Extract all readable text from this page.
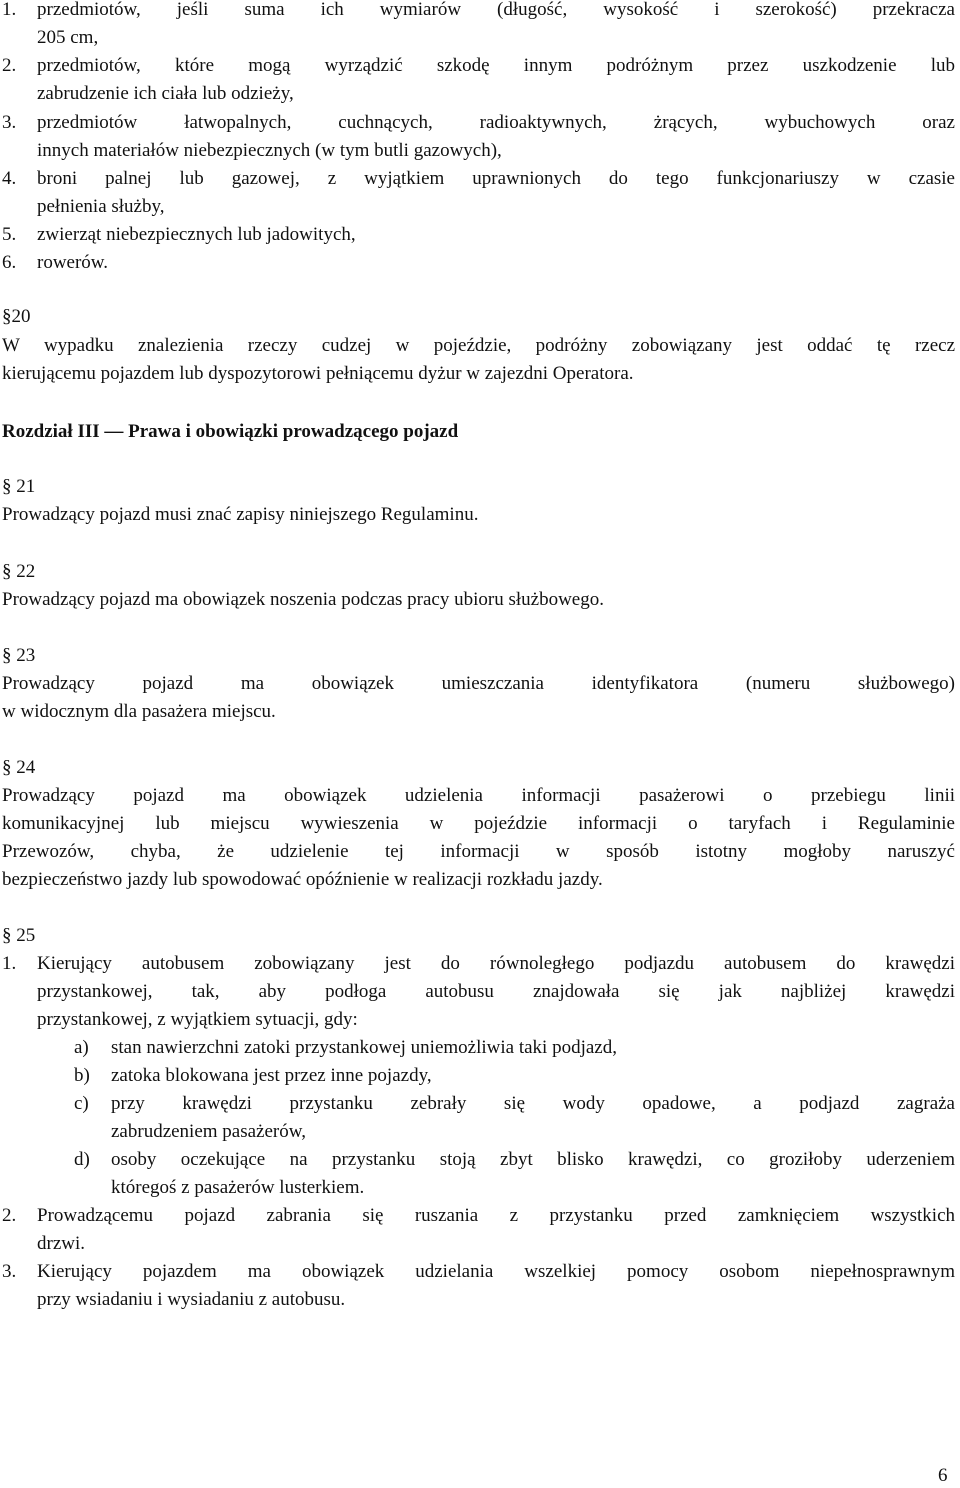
1. przedmiotów, jeśli suma ich wymiarów (długość, wysokość i szerokość) przekracza
205 cm,
2. przedmiotów, które mogą wyrządzić szkodę innym podróżnym przez uszkodzenie lub
zabrudzenie ich ciała lub odzieży,
3. przedmiotów łatwopalnych, cuchnących, radioaktywnych, żrących, wybuchowych oraz
innych materiałów niebezpiecznych (w tym butli gazowych),
4. broni palnej lub gazowej, z wyjątkiem uprawnionych do tego funkcjonariuszy w czasie
pełnienia służby,
5. zwierząt niebezpiecznych lub jadowitych,
6. rowerów.
§20
W wypadku znalezienia rzeczy cudzej w pojeździe, podróżny zobowiązany jest oddać tę rzecz
kierującemu pojazdem lub dyspozytorowi pełniącemu dyżur w zajezdni Operatora.
Rozdział III — Prawa i obowiązki prowadzącego pojazd
§ 21
Prowadzący pojazd musi znać zapisy niniejszego Regulaminu.
§ 22
Prowadzący pojazd ma obowiązek noszenia podczas pracy ubioru służbowego.
§ 23
Prowadzący pojazd ma obowiązek umieszczania identyfikatora (numeru służbowego)
w widocznym dla pasażera miejscu.
§ 24
Prowadzący pojazd ma obowiązek udzielenia informacji pasażerowi o przebiegu linii
komunikacyjnej lub miejscu wywieszenia w pojeździe informacji o taryfach i Regulaminie
Przewozów, chyba, że udzielenie tej informacji w sposób istotny mogłoby naruszyć
bezpieczeństwo jazdy lub spowodować opóźnienie w realizacji rozkładu jazdy.
§ 25
1. Kierujący autobusem zobowiązany jest do równoległego podjazdu autobusem do krawędzi
przystankowej, tak, aby podłoga autobusu znajdowała się jak najbliżej krawędzi
przystankowej, z wyjątkiem sytuacji, gdy:
a) stan nawierzchni zatoki przystankowej uniemożliwia taki podjazd,
b) zatoka blokowana jest przez inne pojazdy,
c) przy krawędzi przystanku zebrały się wody opadowe, a podjazd zagraża
zabrudzeniem pasażerów,
d) osoby oczekujące na przystanku stoją zbyt blisko krawędzi, co groziłoby uderzeniem
któregoś z pasażerów lusterkiem.
2. Prowadzącemu pojazd zabrania się ruszania z przystanku przed zamknięciem wszystkich
drzwi.
3. Kierujący pojazdem ma obowiązek udzielania wszelkiej pomocy osobom niepełnosprawnym
przy wsiadaniu i wysiadaniu z autobusu.
6
